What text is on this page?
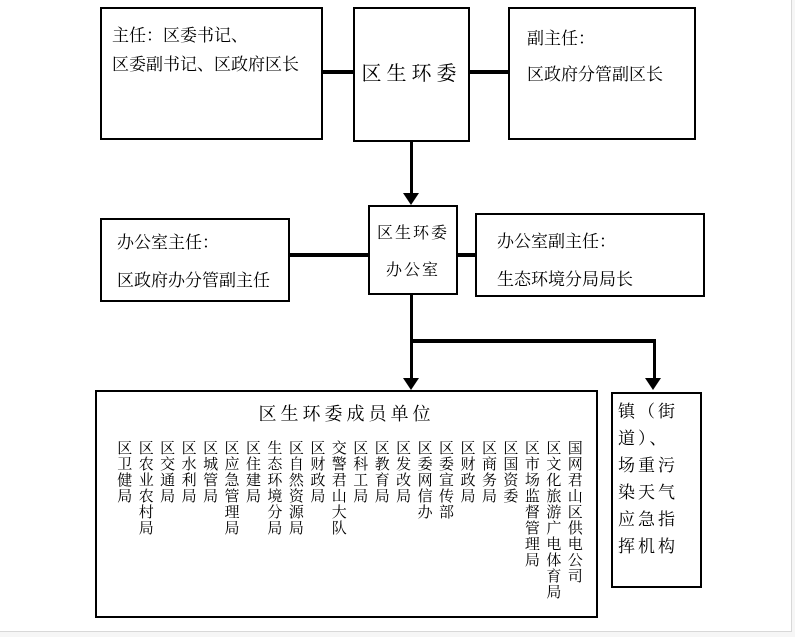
主任：区委书记、
区委副书记、区政府区长	区生环委
副主任：
区政府分管副区长
办公室主任：
区政府办分管副主任
区生环委
办公室
办公室副主任：
生态环境分局局长
区生环委成员单位
区卫健局 区农业农村局 区交通局 区水利局 区城管局 区应急管理局 区住建局 生态环境分局 区自然资源局 区财政局 交警君山大队 区科工局 区教育局 区发改局 区委网信办 区委宣传部 区财政局 区商务局 区国资委 区市场监督管理局 区文化旅游广电体育局 国网君山区供电公司
镇（街
道）、
场重污
染天气
应急指
挥机构
